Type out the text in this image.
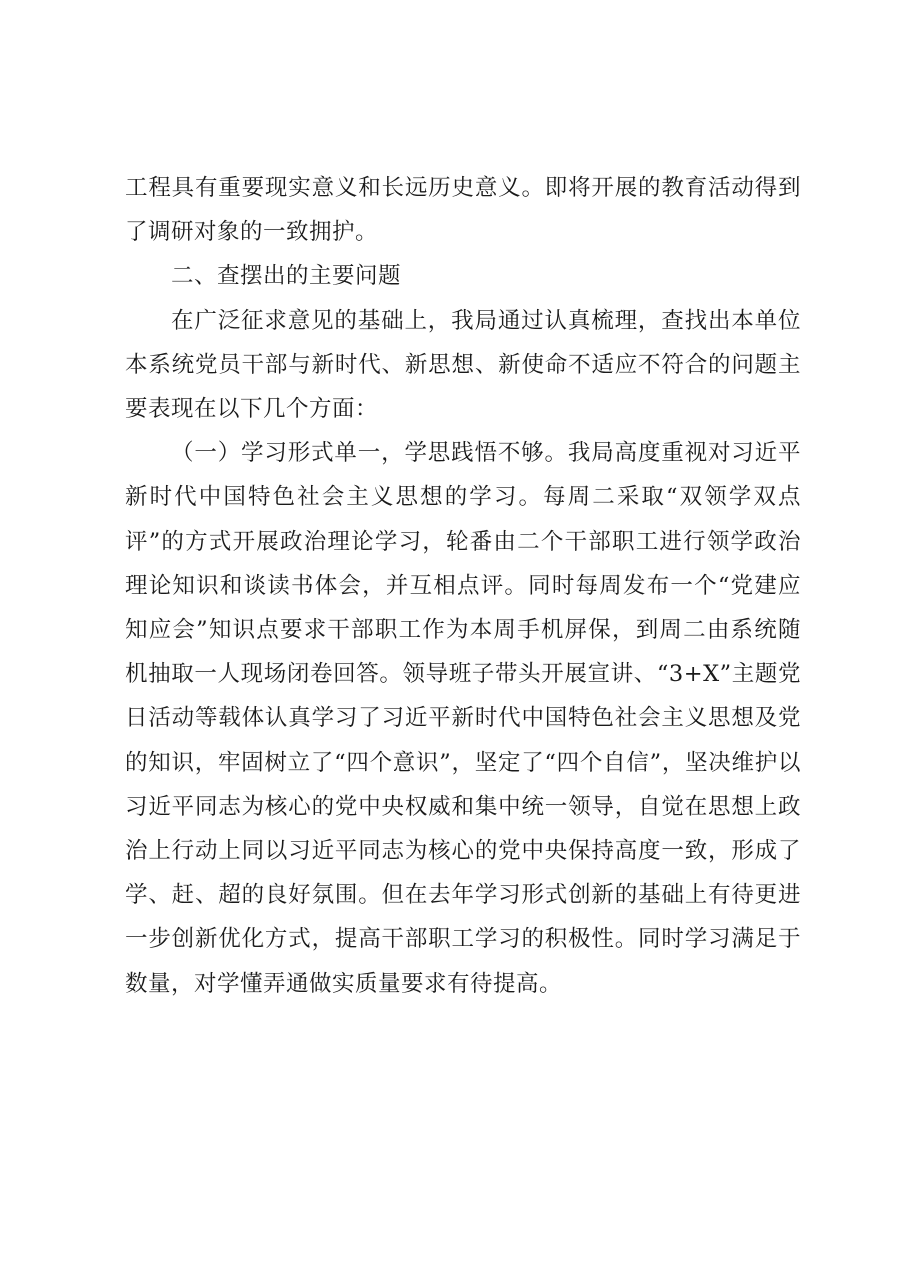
工程具有重要现实意义和长远历史意义。即将开展的教育活动得到了调研对象的一致拥护。

二、查摆出的主要问题

在广泛征求意见的基础上，我局通过认真梳理，查找出本单位本系统党员干部与新时代、新思想、新使命不适应不符合的问题主要表现在以下几个方面：

（一）学习形式单一，学思践悟不够。我局高度重视对习近平新时代中国特色社会主义思想的学习。每周二采取“双领学双点评”的方式开展政治理论学习，轮番由二个干部职工进行领学政治理论知识和谈读书体会，并互相点评。同时每周发布一个“党建应知应会”知识点要求干部职工作为本周手机屏保，到周二由系统随机抽取一人现场闭卷回答。领导班子带头开展宣讲、“3+X”主题党日活动等载体认真学习了习近平新时代中国特色社会主义思想及党的知识，牢固树立了“四个意识”，坚定了“四个自信”，坚决维护以习近平同志为核心的党中央权威和集中统一领导，自觉在思想上政治上行动上同以习近平同志为核心的党中央保持高度一致，形成了学、赶、超的良好氛围。但在去年学习形式创新的基础上有待更进一步创新优化方式，提高干部职工学习的积极性。同时学习满足于数量，对学懂弄通做实质量要求有待提高。
